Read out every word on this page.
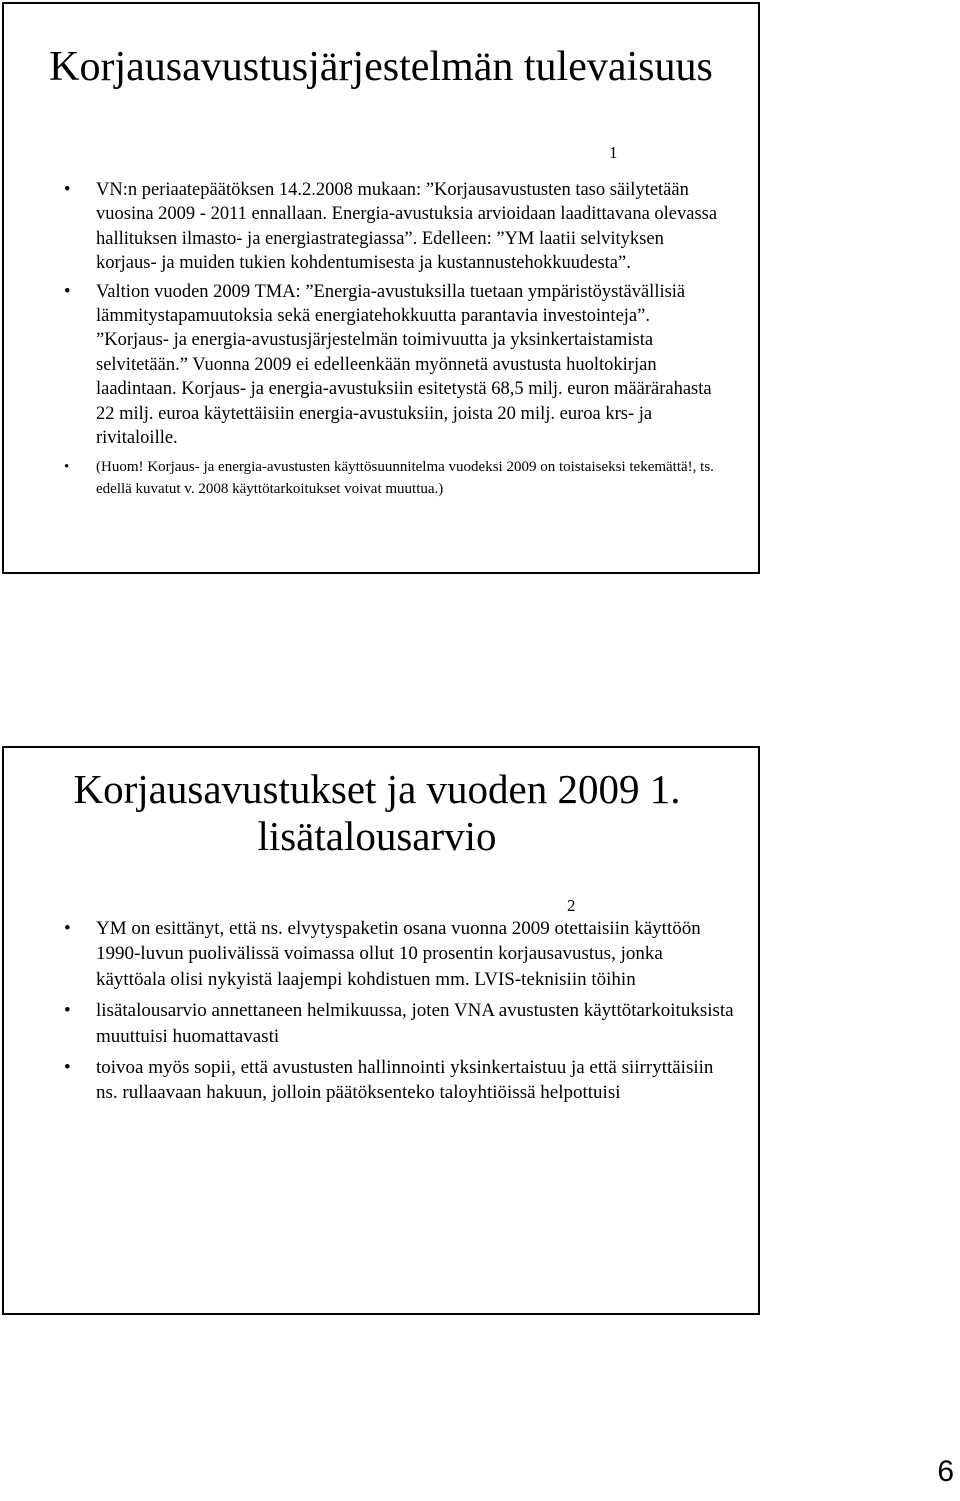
Korjausavustusjärjestelmän tulevaisuus
1
• VN:n periaatepäätöksen 14.2.2008 mukaan: ”Korjausavustusten taso säilytetään vuosina 2009 - 2011 ennallaan. Energia-avustuksia arvioidaan laadittavana olevassa hallituksen ilmasto- ja energiastrategiassa”. Edelleen: ”YM laatii selvityksen korjaus- ja muiden tukien kohdentumisesta ja kustannustehokkuudesta”.
• Valtion vuoden 2009 TMA: ”Energia-avustuksilla tuetaan ympäristöystävällisiä lämmitystapamuutoksia sekä energiatehokkuutta parantavia investointeja”. ”Korjaus- ja energia-avustusjärjestelmän toimivuutta ja yksinkertaistamista selvitetään.” Vuonna 2009 ei edelleenkään myönnetä avustusta huoltokirjan laadintaan. Korjaus- ja energia-avustuksiin esitetystä 68,5 milj. euron määrärahasta 22 milj. euroa käytettäisiin energia-avustuksiin, joista 20 milj. euroa krs- ja rivitaloille.
• (Huom! Korjaus- ja energia-avustusten käyttösuunnitelma vuodeksi 2009 on toistaiseksi tekemättä!, ts. edellä kuvatut v. 2008 käyttötarkoitukset voivat muuttua.)
Korjausavustukset ja vuoden 2009 1. lisätalousarvio
2
• YM on esittänyt, että ns. elvytyspaketin osana vuonna 2009 otettaisiin käyttöön 1990-luvun puolivälissä voimassa ollut 10 prosentin korjausavustus, jonka käyttöala olisi nykyistä laajempi kohdistuen mm. LVIS-teknisiin töihin
• lisätalousarvio annettaneen helmikuussa, joten VNA avustusten käyttötarkoituksista muuttuisi huomattavasti
• toivoa myös sopii, että avustusten hallinnointi yksinkertaistuu ja että siirryttäisiin ns. rullaavaan hakuun, jolloin päätöksenteko taloyhtiöissä helpottuisi
6
